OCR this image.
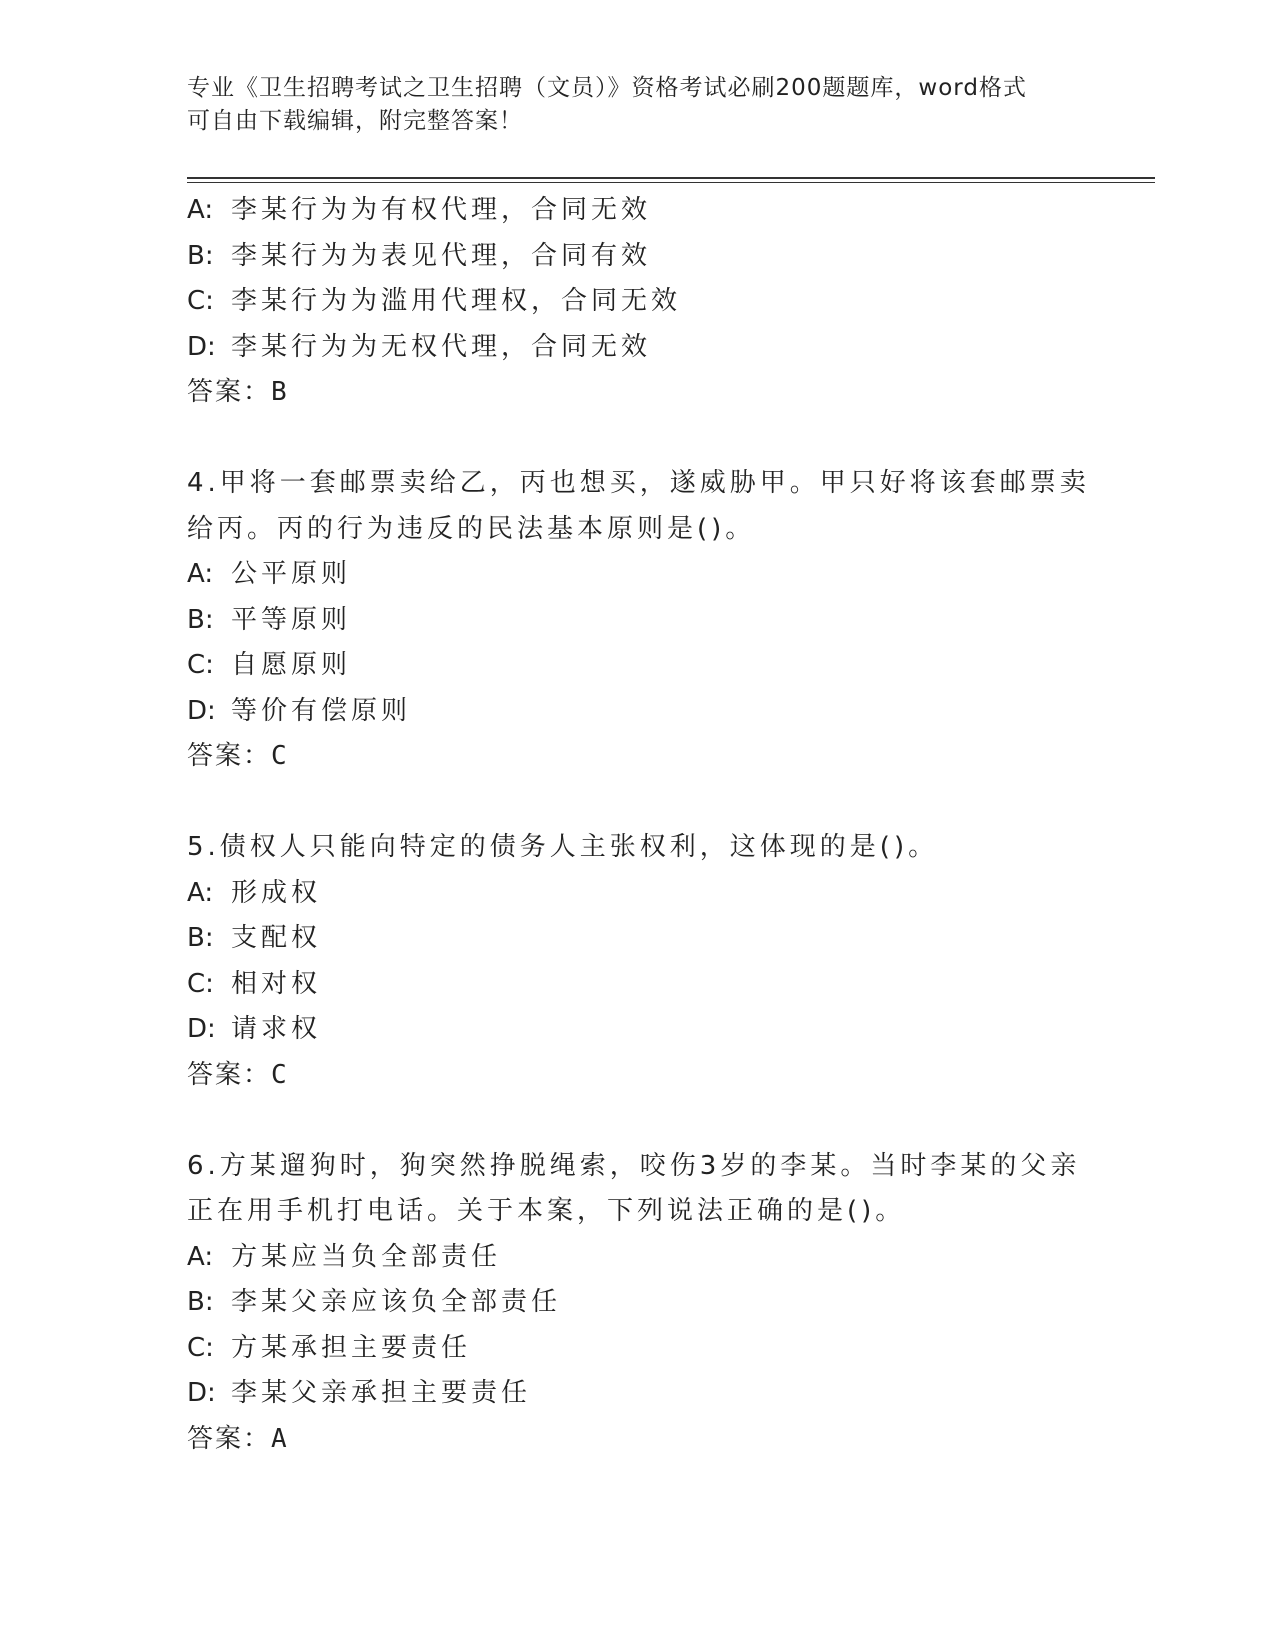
专业《卫生招聘考试之卫生招聘（文员）》资格考试必刷200题题库，word格式
可自由下载编辑，附完整答案！
A: 李某行为为有权代理，合同无效
B: 李某行为为表见代理，合同有效
C: 李某行为为滥用代理权，合同无效
D: 李某行为为无权代理，合同无效
答案：B
4.甲将一套邮票卖给乙，丙也想买，遂威胁甲。甲只好将该套邮票卖
给丙。丙的行为违反的民法基本原则是()。
A: 公平原则
B: 平等原则
C: 自愿原则
D: 等价有偿原则
答案：C
5.债权人只能向特定的债务人主张权利，这体现的是()。
A: 形成权
B: 支配权
C: 相对权
D: 请求权
答案：C
6.方某遛狗时，狗突然挣脱绳索，咬伤3岁的李某。当时李某的父亲
正在用手机打电话。关于本案，下列说法正确的是()。
A: 方某应当负全部责任
B: 李某父亲应该负全部责任
C: 方某承担主要责任
D: 李某父亲承担主要责任
答案：A
